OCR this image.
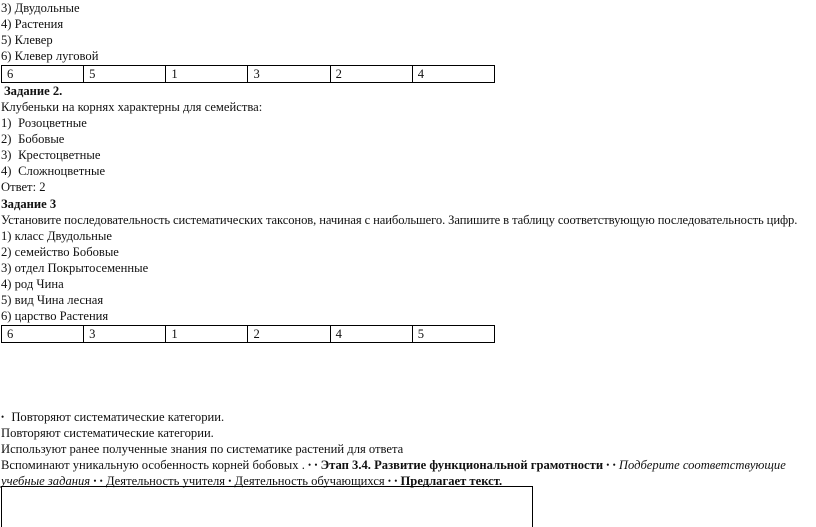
3) Двудольные
4) Растения
5) Клевер
6) Клевер луговой
6	5	1	3	2	4
Задание 2.
Клубеньки на корнях характерны для семейства:
1) Розоцветные
2) Бобовые
3) Крестоцветные
4) Сложноцветные
Ответ: 2
Задание 3
Установите последовательность систематических таксонов, начиная с наибольшего. Запишите в таблицу соответствующую последовательность цифр.
1) класс Двудольные
2) семейство Бобовые
3) отдел Покрытосеменные
4) род Чина
5) вид Чина лесная
6) царство Растения
6	3	1	2	4	5
• Повторяют систематические категории.
Повторяют систематические категории.
Используют ранее полученные знания по систематике растений для ответа
Вспоминают уникальную особенность корней бобовых . • • Этап 3.4. Развитие функциональной грамотности • • Подберите соответствующие
учебные задания • • Деятельность учителя • Деятельность обучающихся • • Предлагает текст.
